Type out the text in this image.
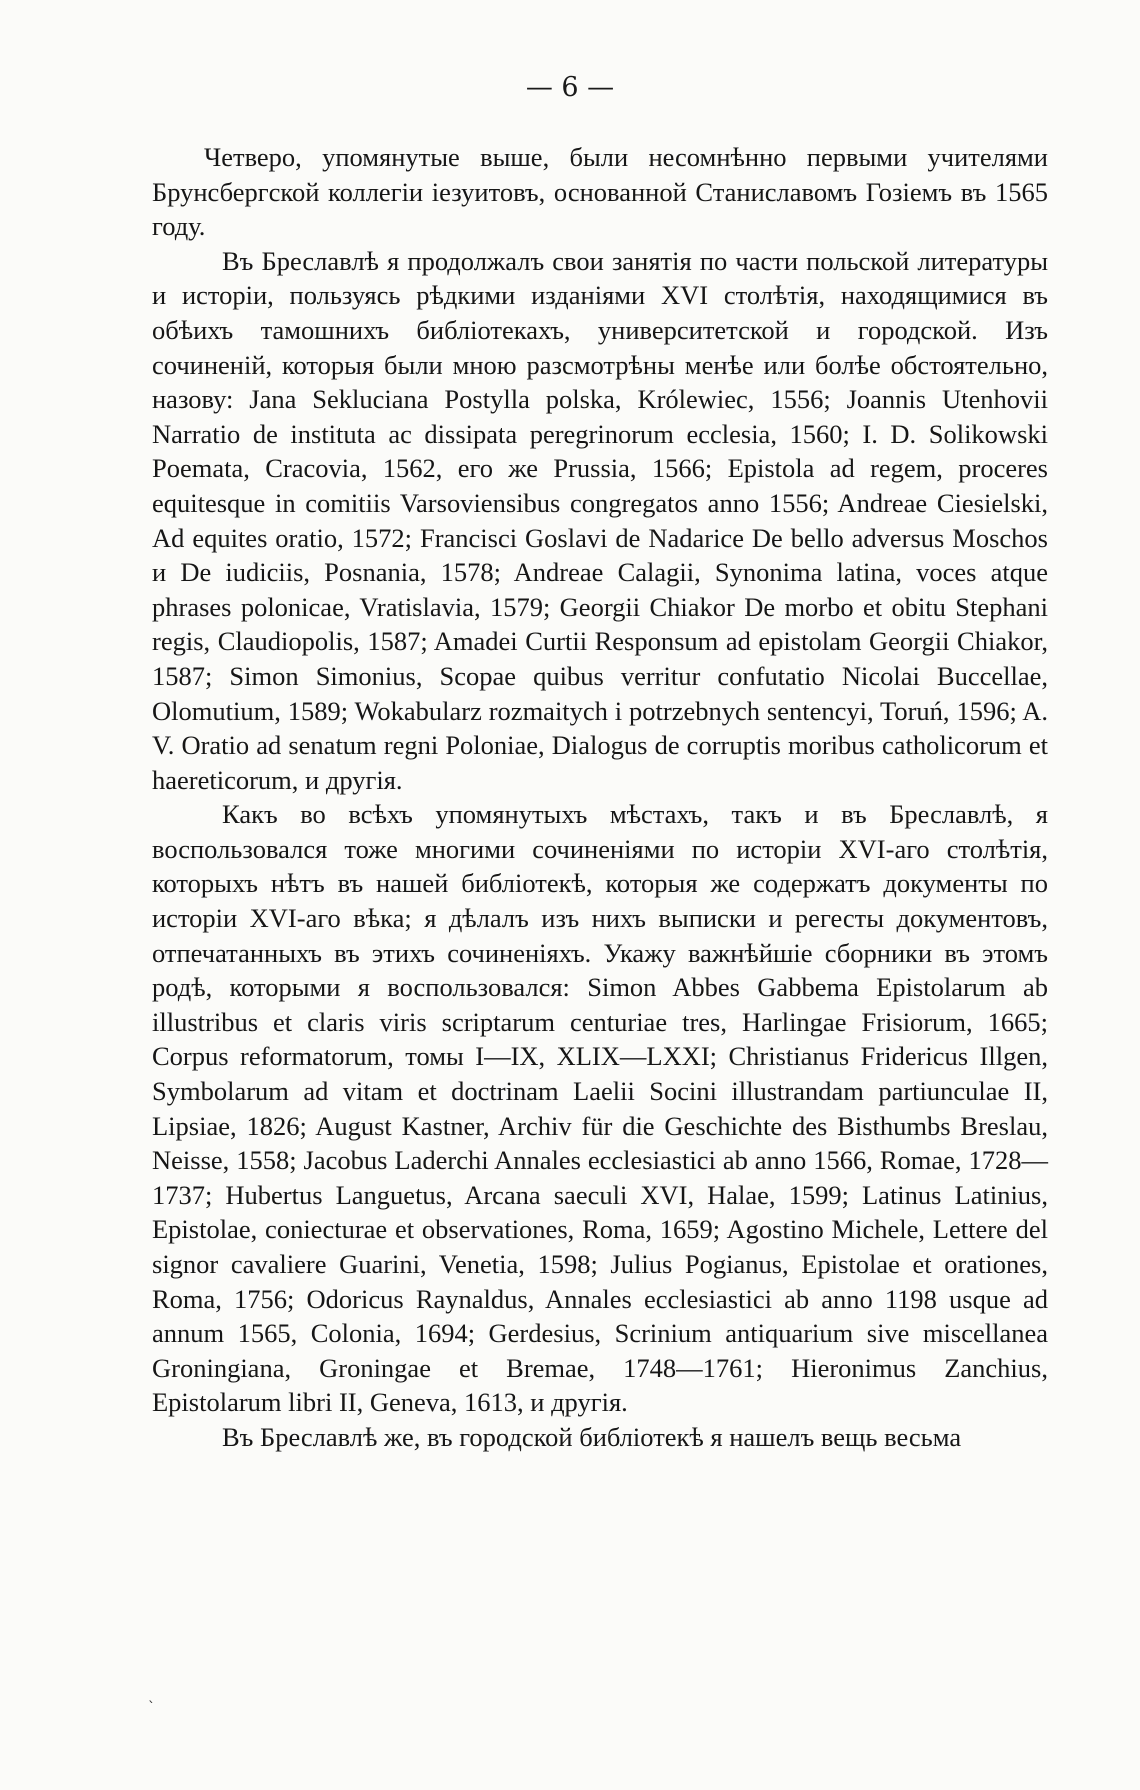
— 6 —

Четверо, упомянутые выше, были несомнѣнно первыми учителями Брунсбергской коллегіи іезуитовъ, основанной Станиславомъ Гозіемъ въ 1565 году.

Въ Бреславлѣ я продолжалъ свои занятія по части польской литературы и исторіи, пользуясь рѣдкими изданіями XVI столѣтія, находящимися въ обѣихъ тамошнихъ библіотекахъ, университетской и городской. Изъ сочиненій, которыя были мною разсмотрѣны менѣе или болѣе обстоятельно, назову: Jana Sekluciana Postylla polska, Królewiec, 1556; Joannis Utenhovii Narratio de instituta ac dissipata peregrinorum ecclesia, 1560; I. D. Solikowski Poemata, Cracovia, 1562, его же Prussia, 1566; Epistola ad regem, proceres equitesque in comitiis Varsoviensibus congregatos anno 1556; Andreae Ciesielski, Ad equites oratio, 1572; Francisci Goslavi de Nadarice De bello adversus Moschos и De iudiciis, Posnania, 1578; Andreae Calagii, Synonima latina, voces atque phrases polonicae, Vratislavia, 1579; Georgii Chiakor De morbo et obitu Stephani regis, Claudiopolis, 1587; Amadei Curtii Responsum ad epistolam Georgii Chiakor, 1587; Simon Simonius, Scopae quibus verritur confutatio Nicolai Buccellae, Olomutium, 1589; Wokabularz rozmaitych i potrzebnych sentencyi, Toruń, 1596; A. V. Oratio ad senatum regni Poloniae, Dialogus de corruptis moribus catholicorum et haereticorum, и другія.

Какъ во всѣхъ упомянутыхъ мѣстахъ, такъ и въ Бреславлѣ, я воспользовался тоже многими сочиненіями по исторіи XVI-аго столѣтія, которыхъ нѣтъ въ нашей библіотекѣ, которыя же содержатъ документы по исторіи XVI-аго вѣка; я дѣлалъ изъ нихъ выписки и регесты документовъ, отпечатанныхъ въ этихъ сочиненіяхъ. Укажу важнѣйшіе сборники въ этомъ родѣ, которыми я воспользовался: Simon Abbes Gabbema Epistolarum ab illustribus et claris viris scriptarum centuriae tres, Harlingae Frisiorum, 1665; Corpus reformatorum, томы I—IX, XLIX—LXXI; Christianus Fridericus Illgen, Symbolarum ad vitam et doctrinam Laelii Socini illustrandam partiunculae II, Lipsiae, 1826; August Kastner, Archiv für die Geschichte des Bisthumbs Breslau, Neisse, 1558; Jacobus Laderchi Annales ecclesiastici ab anno 1566, Romae, 1728—1737; Hubertus Languetus, Arcana saeculi XVI, Halae, 1599; Latinus Latinius, Epistolae, coniecturae et observationes, Roma, 1659; Agostino Michele, Lettere del signor cavaliere Guarini, Venetia, 1598; Julius Pogianus, Epistolae et orationes, Roma, 1756; Odoricus Raynaldus, Annales ecclesiastici ab anno 1198 usque ad annum 1565, Colonia, 1694; Gerdesius, Scrinium antiquarium sive miscellanea Groningiana, Groningae et Bremae, 1748—1761; Hieronimus Zanchius, Epistolarum libri II, Geneva, 1613, и другія.

Въ Бреславлѣ же, въ городской библіотекѣ я нашелъ вещь весьма

ˋ
